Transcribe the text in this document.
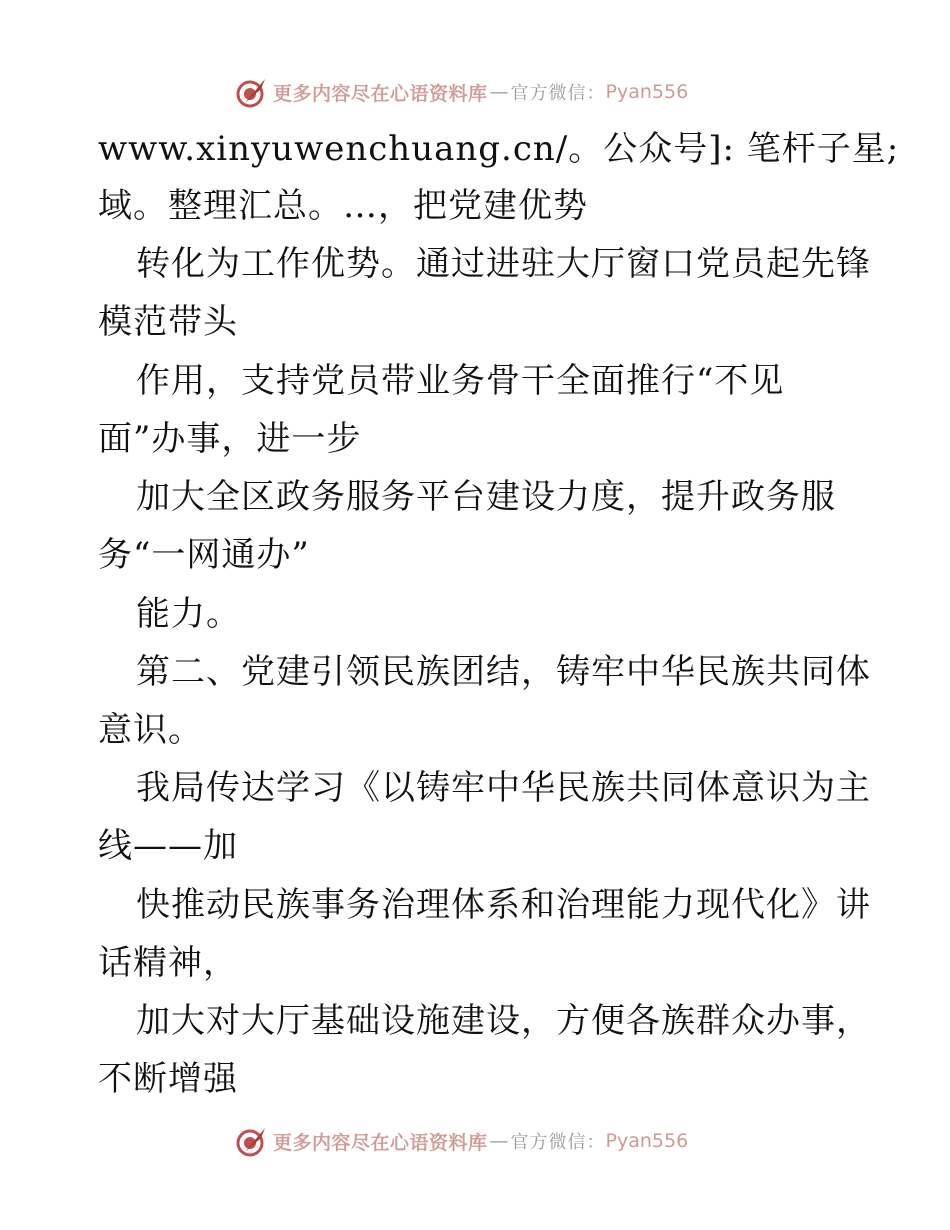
更多内容尽在心语资料库 — 官方微信： Pyan556
www.xinyuwenchuang.cn/。公众号]: 笔杆子星;
域。整理汇总。…，把党建优势
转化为工作优势。通过进驻大厅窗口党员起先锋
模范带头
作用，支持党员带业务骨干全面推行“不见
面”办事，进一步
加大全区政务服务平台建设力度，提升政务服
务“一网通办”
能力。
第二、党建引领民族团结，铸牢中华民族共同体
意识。
我局传达学习《以铸牢中华民族共同体意识为主
线——加
快推动民族事务治理体系和治理能力现代化》讲
话精神，
加大对大厅基础设施建设，方便各族群众办事，
不断增强
更多内容尽在心语资料库 — 官方微信： Pyan556
